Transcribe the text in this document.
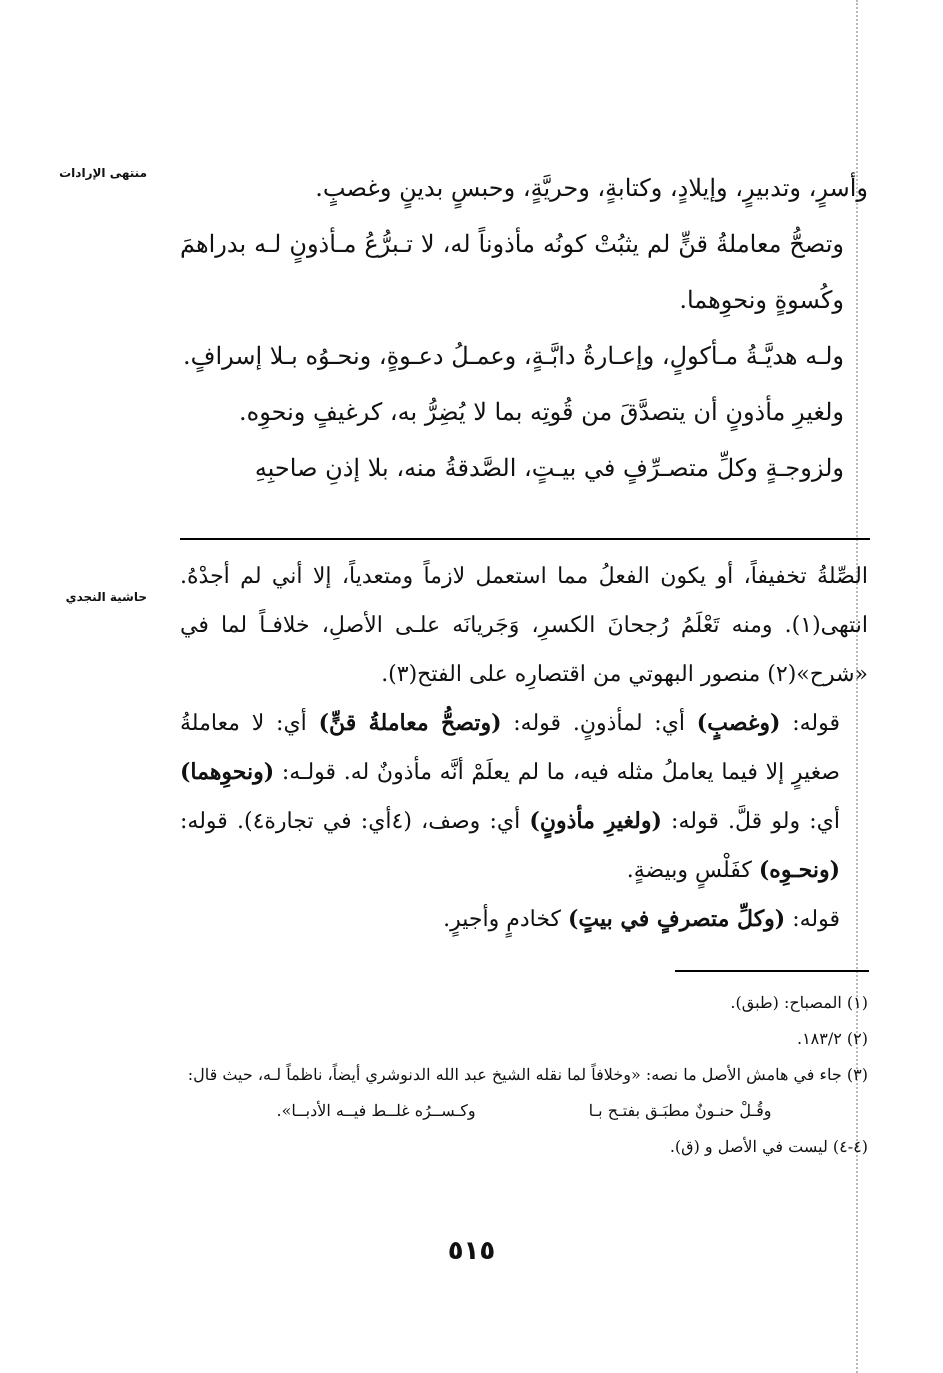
منتهى الإرادات
حاشية النجدي

وأسرٍ، وتدبيرٍ، وإيلادٍ، وكتابةٍ، وحريَّةٍ، وحبسٍ بدينٍ وغصبٍ.

وتصحُّ معاملةُ قنٍّ لم يثبُتْ كونُه مأذوناً له، لا تـبرُّعُ مـأذونٍ لـه بدراهمَ وكُسوةٍ ونحوِهما.

ولـه هديَّـةُ مـأكولٍ، وإعـارةُ دابَّـةٍ، وعمـلُ دعـوةٍ، ونحـوُه بـلا إسرافٍ.

ولغيرِ مأذونٍ أن يتصدَّقَ من قُوتِه بما لا يُضِرُّ به، كرغيفٍ ونحوِه.

ولزوجـةٍ وكلِّ متصـرِّفٍ في بيـتٍ، الصَّدقةُ منه، بلا إذنِ صاحبِهِ

الصِّلةُ تخفيفاً، أو يكون الفعلُ مما استعمل لازماً ومتعدياً، إلا أني لم أجدْهُ. انتهى(١). ومنه تَعْلَمُ رُجحانَ الكسرِ، وَجَريانَه علـى الأصلِ، خلافـاً لما في «شرح»(٢) منصور البهوتي من اقتصارِه على الفتح(٣).

قوله: (وغصبٍ) أي: لمأذونٍ. قوله: (وتصحُّ معاملةُ قنٍّ) أي: لا معاملةُ صغيرٍ إلا فيما يعاملُ مثله فيه، ما لم يعلَمْ أنَّه مأذونٌ له. قولـه: (ونحوِهما) أي: ولو قلَّ. قوله: (ولغيرِ مأذونٍ) أي: وصف، (٤أي: في تجارة٤). قوله: (ونحـوِه) كفَلْسٍ وبيضةٍ.

قوله: (وكلِّ متصرفٍ في بيتٍ) كخادمٍ وأجيرٍ.

(١) المصباح: (طبق).

(٢) ١٨٣/٢.

(٣) جاء في هامش الأصل ما نصه: «وخلافاً لما نقله الشيخ عبد الله الدنوشري أيضاً، ناظماً لـه، حيث قال:

وقُـلْ حنـونٌ مطبَـق بفتـح بـا
وكـســرُه غلــط فيــه الأدبــا».

(٤-٤) ليست في الأصل و (ق).

٥١٥
